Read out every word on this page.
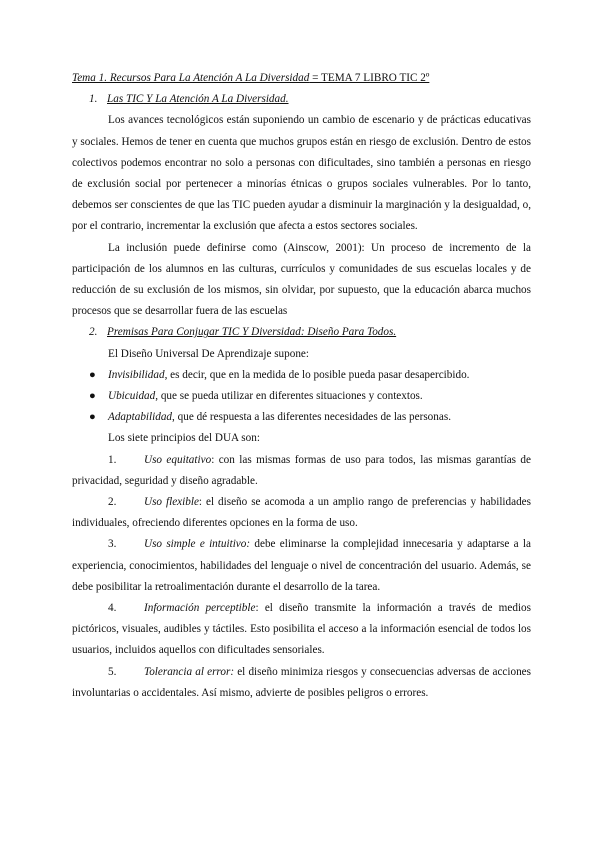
Tema 1. Recursos Para La Atención A La Diversidad = TEMA 7 LIBRO TIC 2º

1. Las TIC Y La Atención A La Diversidad.

Los avances tecnológicos están suponiendo un cambio de escenario y de prácticas educativas y sociales. Hemos de tener en cuenta que muchos grupos están en riesgo de exclusión. Dentro de estos colectivos podemos encontrar no solo a personas con dificultades, sino también a personas en riesgo de exclusión social por pertenecer a minorías étnicas o grupos sociales vulnerables. Por lo tanto, debemos ser conscientes de que las TIC pueden ayudar a disminuir la marginación y la desigualdad, o, por el contrario, incrementar la exclusión que afecta a estos sectores sociales.

La inclusión puede definirse como (Ainscow, 2001): Un proceso de incremento de la participación de los alumnos en las culturas, currículos y comunidades de sus escuelas locales y de reducción de su exclusión de los mismos, sin olvidar, por supuesto, que la educación abarca muchos procesos que se desarrollar fuera de las escuelas

2. Premisas Para Conjugar TIC Y Diversidad: Diseño Para Todos.

El Diseño Universal De Aprendizaje supone:

● Invisibilidad, es decir, que en la medida de lo posible pueda pasar desapercibido.

● Ubicuidad, que se pueda utilizar en diferentes situaciones y contextos.

● Adaptabilidad, que dé respuesta a las diferentes necesidades de las personas.

Los siete principios del DUA son:

1. Uso equitativo: con las mismas formas de uso para todos, las mismas garantías de privacidad, seguridad y diseño agradable.

2. Uso flexible: el diseño se acomoda a un amplio rango de preferencias y habilidades individuales, ofreciendo diferentes opciones en la forma de uso.

3. Uso simple e intuitivo: debe eliminarse la complejidad innecesaria y adaptarse a la experiencia, conocimientos, habilidades del lenguaje o nivel de concentración del usuario. Además, se debe posibilitar la retroalimentación durante el desarrollo de la tarea.

4. Información perceptible: el diseño transmite la información a través de medios pictóricos, visuales, audibles y táctiles. Esto posibilita el acceso a la información esencial de todos los usuarios, incluidos aquellos con dificultades sensoriales.

5. Tolerancia al error: el diseño minimiza riesgos y consecuencias adversas de acciones involuntarias o accidentales. Así mismo, advierte de posibles peligros o errores.
